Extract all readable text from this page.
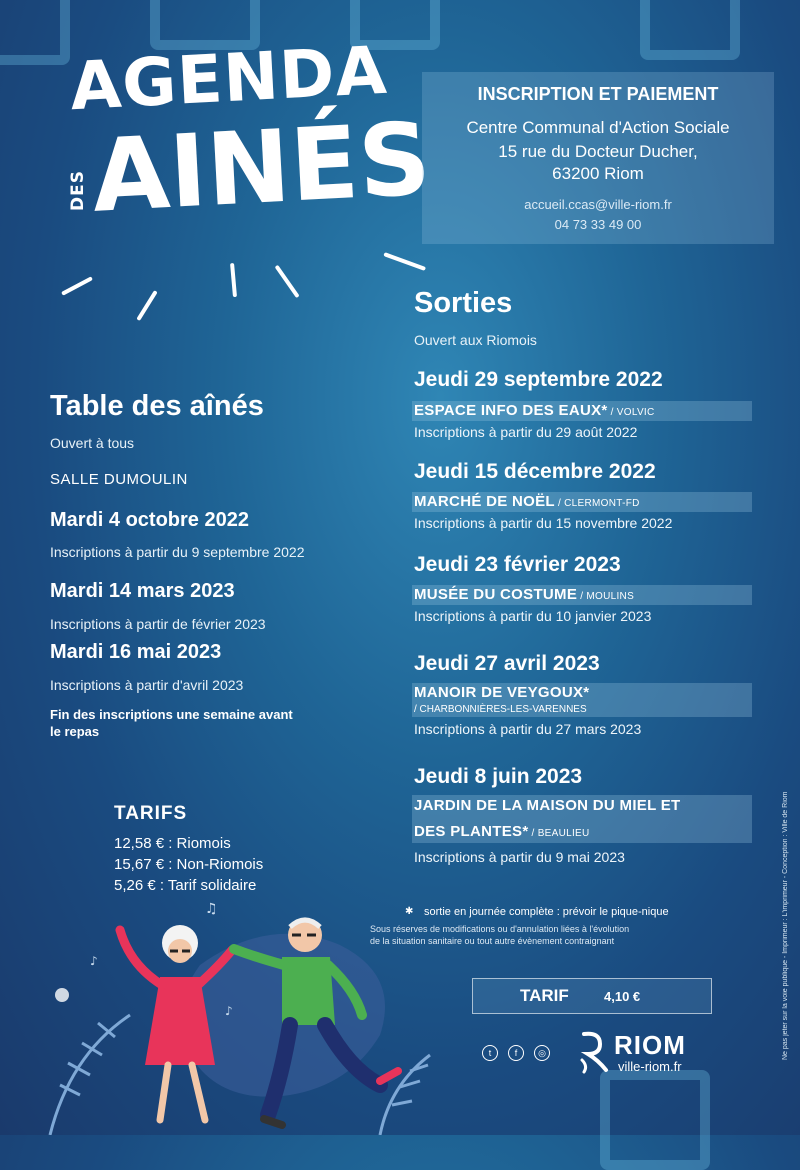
AGENDA
DES AINÉS
INSCRIPTION ET PAIEMENT
Centre Communal d'Action Sociale
15 rue du Docteur Ducher,
63200 Riom
accueil.ccas@ville-riom.fr
04 73 33 49 00
Table des aînés
Ouvert à tous
SALLE DUMOULIN
Mardi 4 octobre 2022
Inscriptions à partir du 9 septembre 2022
Mardi 14 mars 2023
Inscriptions à partir de février 2023
Mardi 16 mai 2023
Inscriptions à partir d'avril 2023
Fin des inscriptions une semaine avant
le repas
TARIFS
12,58 € : Riomois
15,67 € : Non-Riomois
5,26 € : Tarif solidaire
Sorties
Ouvert aux Riomois
Jeudi 29 septembre 2022
ESPACE INFO DES EAUX* / VOLVIC
Inscriptions à partir du 29 août 2022
Jeudi 15 décembre 2022
MARCHÉ DE NOËL / CLERMONT-FD
Inscriptions à partir du 15 novembre 2022
Jeudi 23 février 2023
MUSÉE DU COSTUME / MOULINS
Inscriptions à partir du 10 janvier 2023
Jeudi 27 avril 2023
MANOIR DE VEYGOUX*
/ CHARBONNIÈRES-LES-VARENNES
Inscriptions à partir du 27 mars 2023
Jeudi 8 juin 2023
JARDIN DE LA MAISON DU MIEL ET
DES PLANTES* / BEAULIEU
Inscriptions à partir du 9 mai 2023
✱ sortie en journée complète : prévoir le pique-nique
Sous réserves de modifications ou d'annulation liées à l'évolution
de la situation sanitaire ou tout autre évènement contraignant
TARIF	4,10 €
t	f	◎	RIOM
ville-riom.fr
Ne pas jeter sur la voie publique - Imprimeur : L'imprimeur - Conception : Ville de Riom
♫
♪
♪
